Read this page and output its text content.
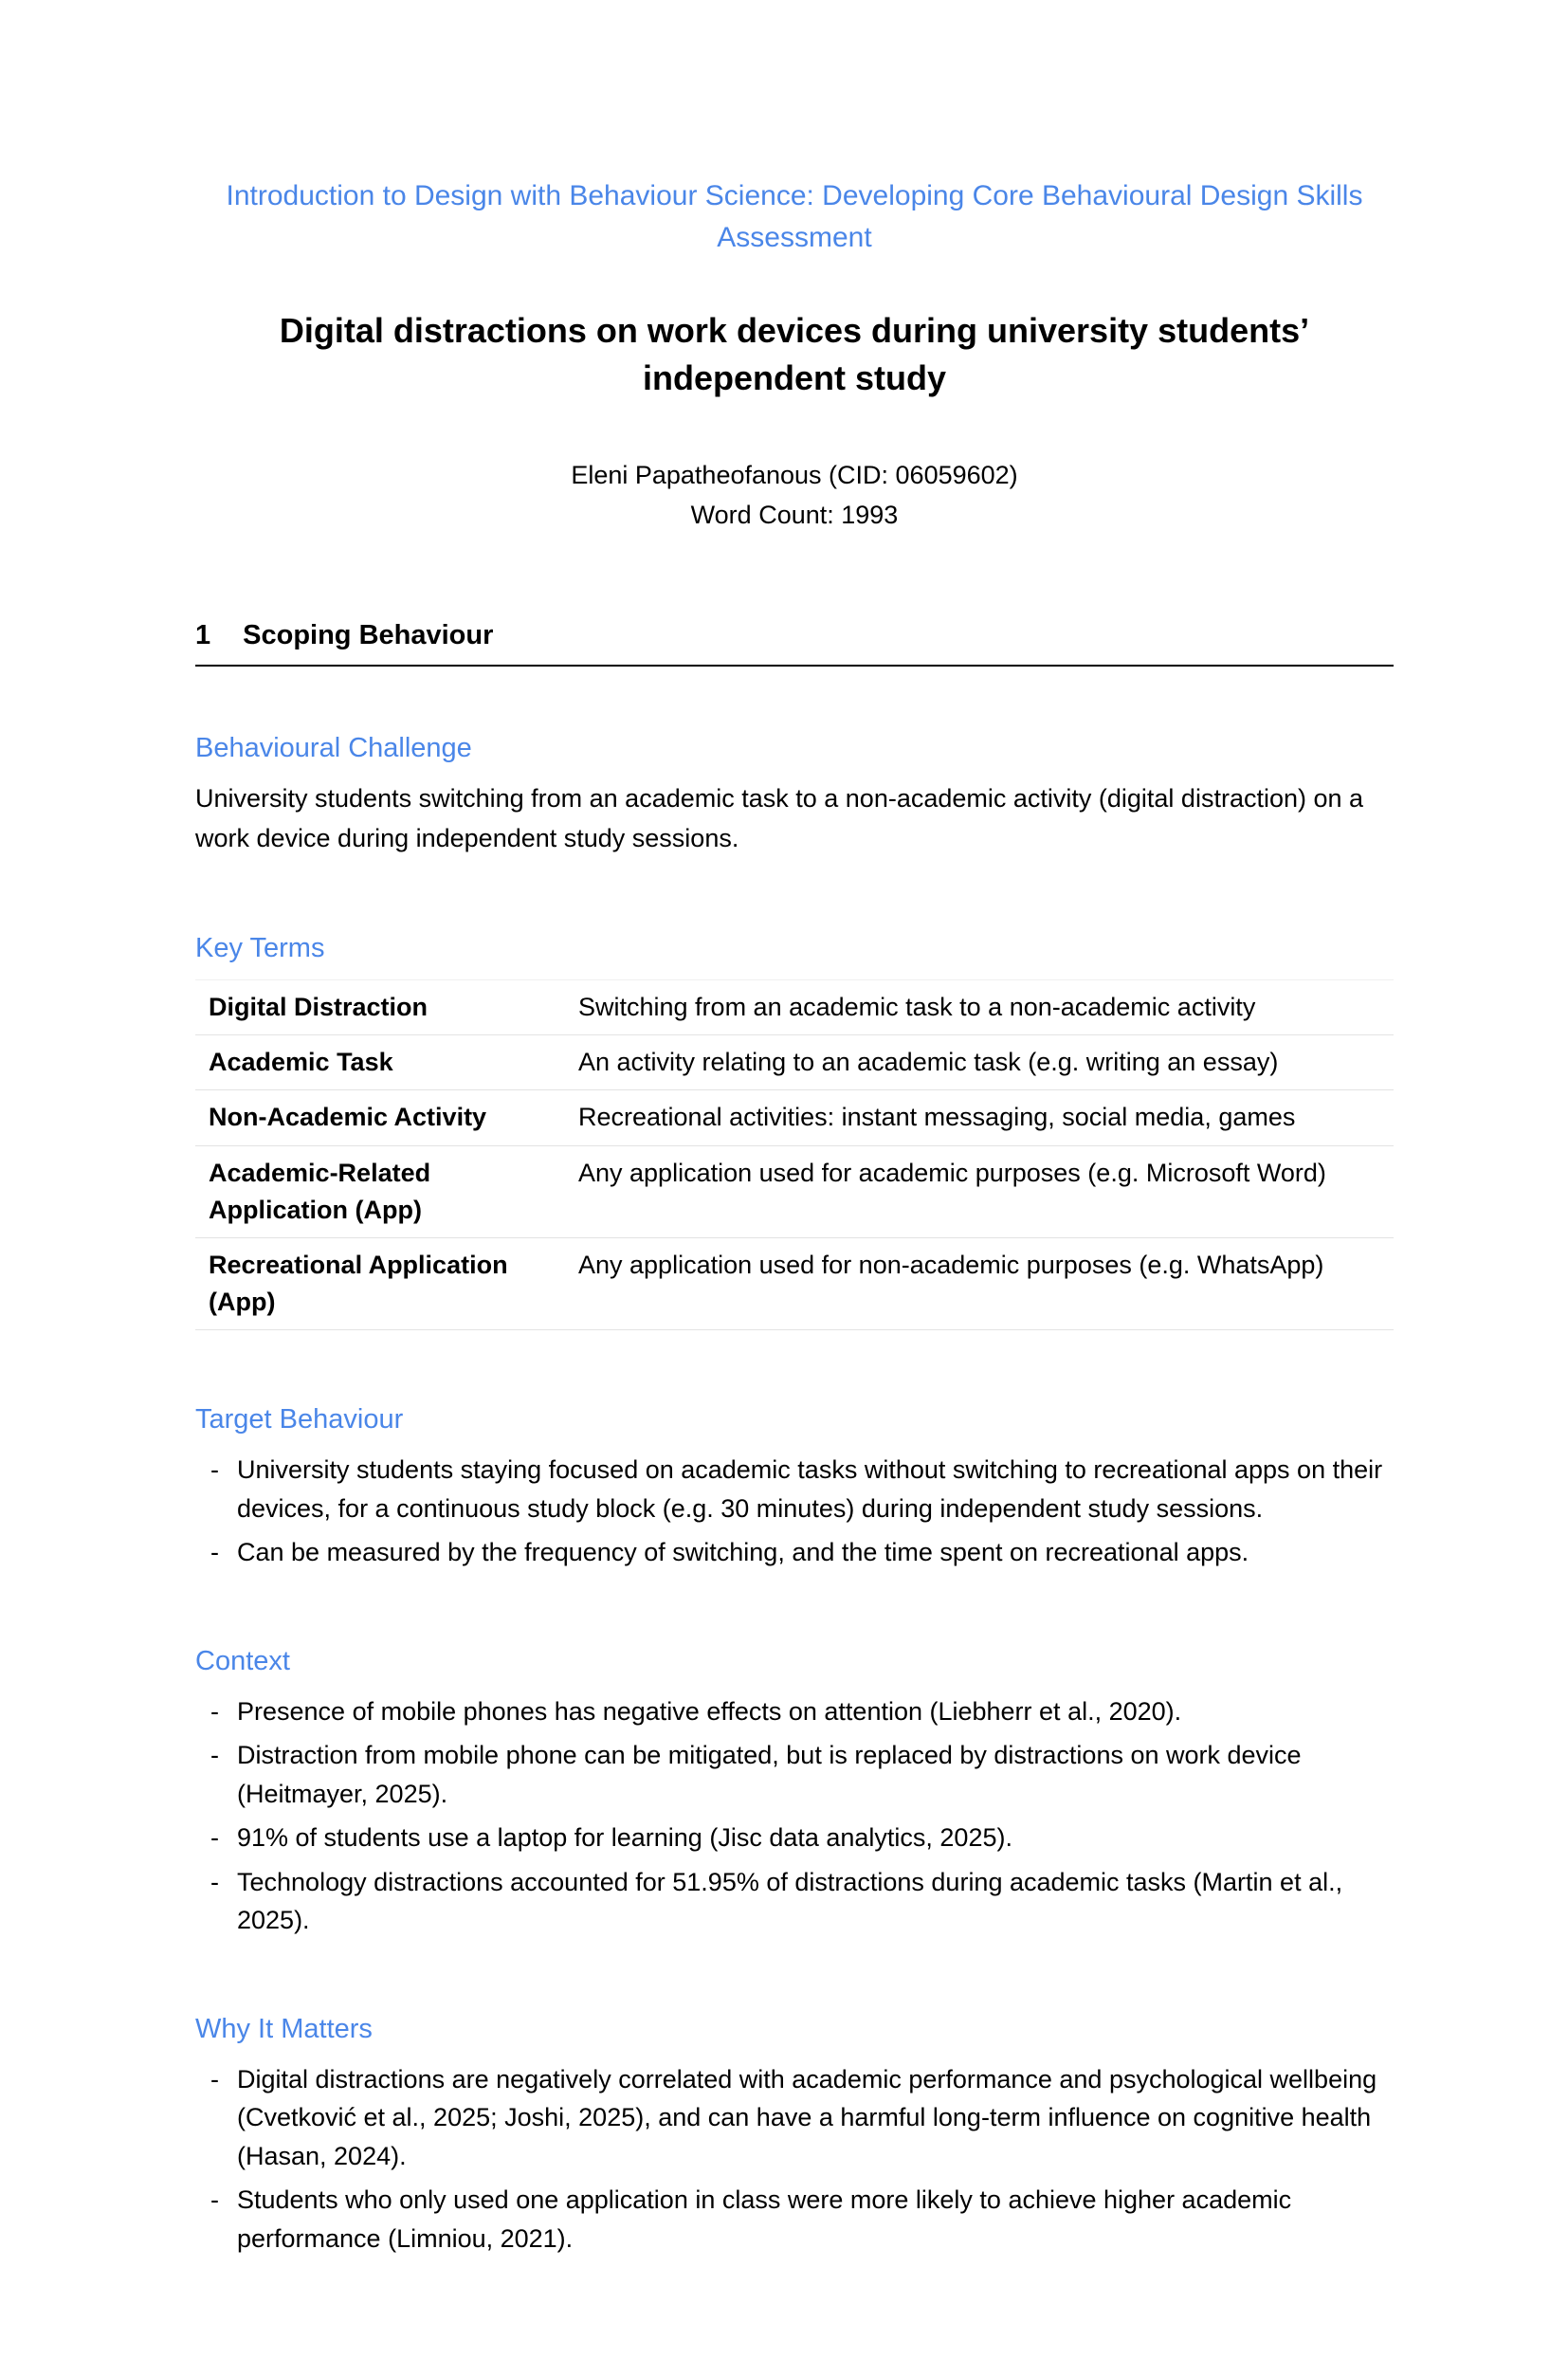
Introduction to Design with Behaviour Science: Developing Core Behavioural Design Skills Assessment
Digital distractions on work devices during university students’ independent study
Eleni Papatheofanous (CID: 06059602)
Word Count: 1993
1 Scoping Behaviour
Behavioural Challenge

University students switching from an academic task to a non-academic activity (digital distraction) on a work device during independent study sessions.

Key Terms
Digital Distraction	Switching from an academic task to a non-academic activity
Academic Task	An activity relating to an academic task (e.g. writing an essay)
Non-Academic Activity	Recreational activities: instant messaging, social media, games
Academic-Related Application (App)	Any application used for academic purposes (e.g. Microsoft Word)
Recreational Application (App)	Any application used for non-academic purposes (e.g. WhatsApp)
Target Behaviour
- University students staying focused on academic tasks without switching to recreational apps on their devices, for a continuous study block (e.g. 30 minutes) during independent study sessions.
- Can be measured by the frequency of switching, and the time spent on recreational apps.
Context
- Presence of mobile phones has negative effects on attention (Liebherr et al., 2020).
- Distraction from mobile phone can be mitigated, but is replaced by distractions on work device (Heitmayer, 2025).
- 91% of students use a laptop for learning (Jisc data analytics, 2025).
- Technology distractions accounted for 51.95% of distractions during academic tasks (Martin et al., 2025).
Why It Matters
- Digital distractions are negatively correlated with academic performance and psychological wellbeing (Cvetković et al., 2025; Joshi, 2025), and can have a harmful long-term influence on cognitive health (Hasan, 2024).
- Students who only used one application in class were more likely to achieve higher academic performance (Limniou, 2021).
